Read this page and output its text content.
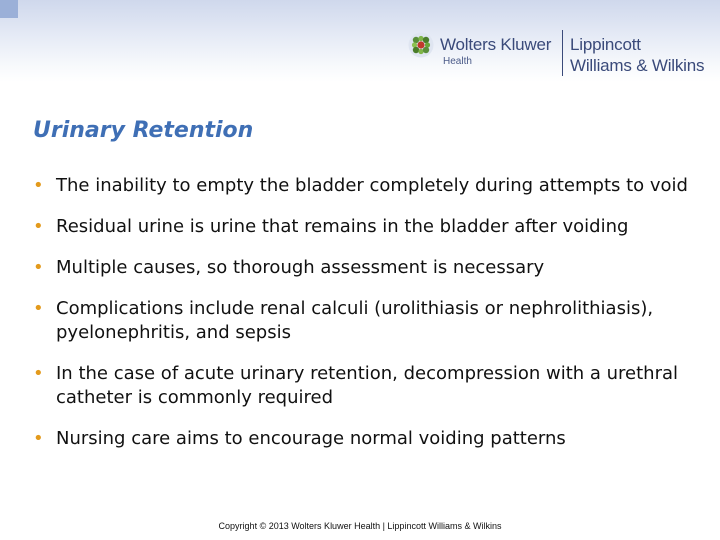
Wolters Kluwer
Health
Lippincott
Williams & Wilkins
Urinary Retention
• The inability to empty the bladder completely during attempts to void
• Residual urine is urine that remains in the bladder after voiding
• Multiple causes, so thorough assessment is necessary
• Complications include renal calculi (urolithiasis or nephrolithiasis), pyelonephritis, and sepsis
• In the case of acute urinary retention, decompression with a urethral catheter is commonly required
• Nursing care aims to encourage normal voiding patterns
Copyright © 2013 Wolters Kluwer Health | Lippincott Williams & Wilkins
